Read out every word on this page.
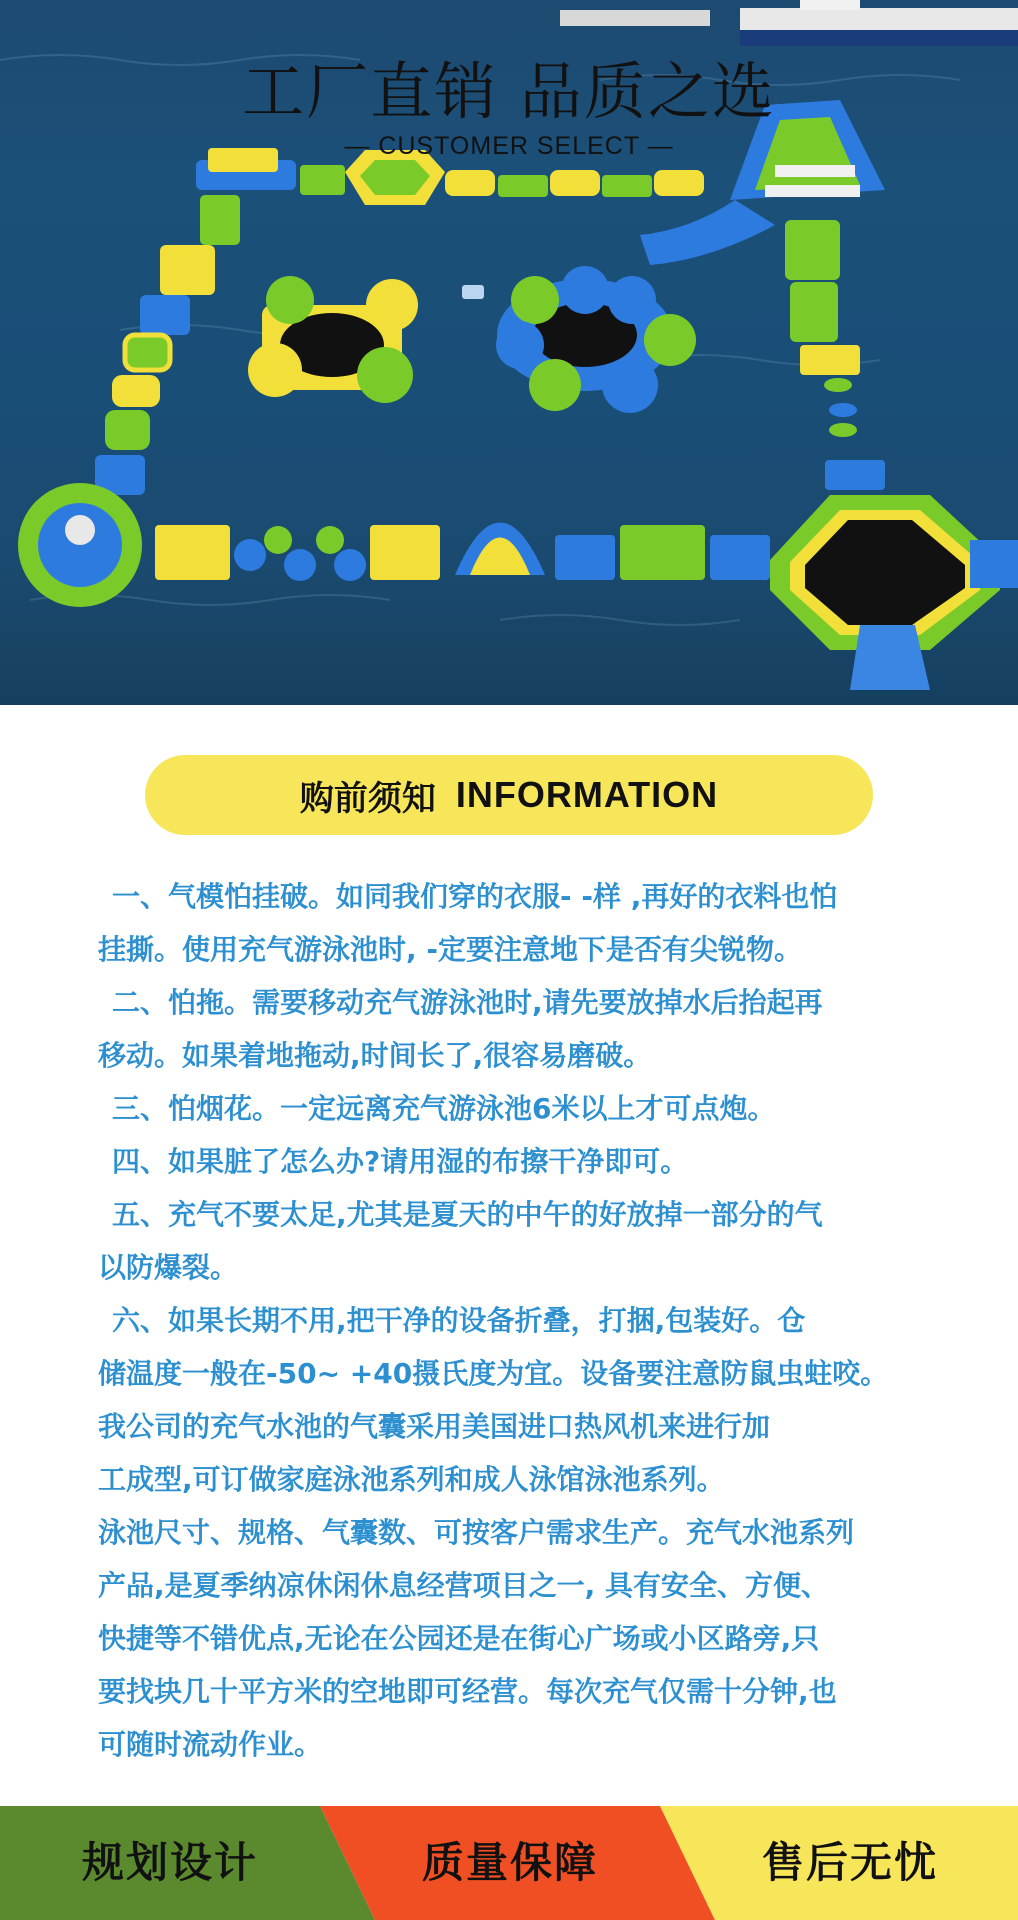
工厂直销 品质之选
— CUSTOMER SELECT —
购前须知 INFORMATION
一、气模怕挂破。如同我们穿的衣服- -样 ,再好的衣料也怕
挂撕。使用充气游泳池时, -定要注意地下是否有尖锐物。
二、怕拖。需要移动充气游泳池时,请先要放掉水后抬起再
移动。如果着地拖动,时间长了,很容易磨破。
三、怕烟花。一定远离充气游泳池6米以上才可点炮。
四、如果脏了怎么办?请用湿的布擦干净即可。
五、充气不要太足,尤其是夏天的中午的好放掉一部分的气
以防爆裂。
六、如果长期不用,把干净的设备折叠，打捆,包装好。仓
储温度一般在-50~ +40摄氏度为宜。设备要注意防鼠虫蛀咬。
我公司的充气水池的气囊采用美国进口热风机来进行加
工成型,可订做家庭泳池系列和成人泳馆泳池系列。
泳池尺寸、规格、气囊数、可按客户需求生产。充气水池系列
产品,是夏季纳凉休闲休息经营项目之一, 具有安全、方便、
快捷等不错优点,无论在公园还是在街心广场或小区路旁,只
要找块几十平方米的空地即可经营。每次充气仅需十分钟,也
可随时流动作业。
规划设计	质量保障	售后无忧
